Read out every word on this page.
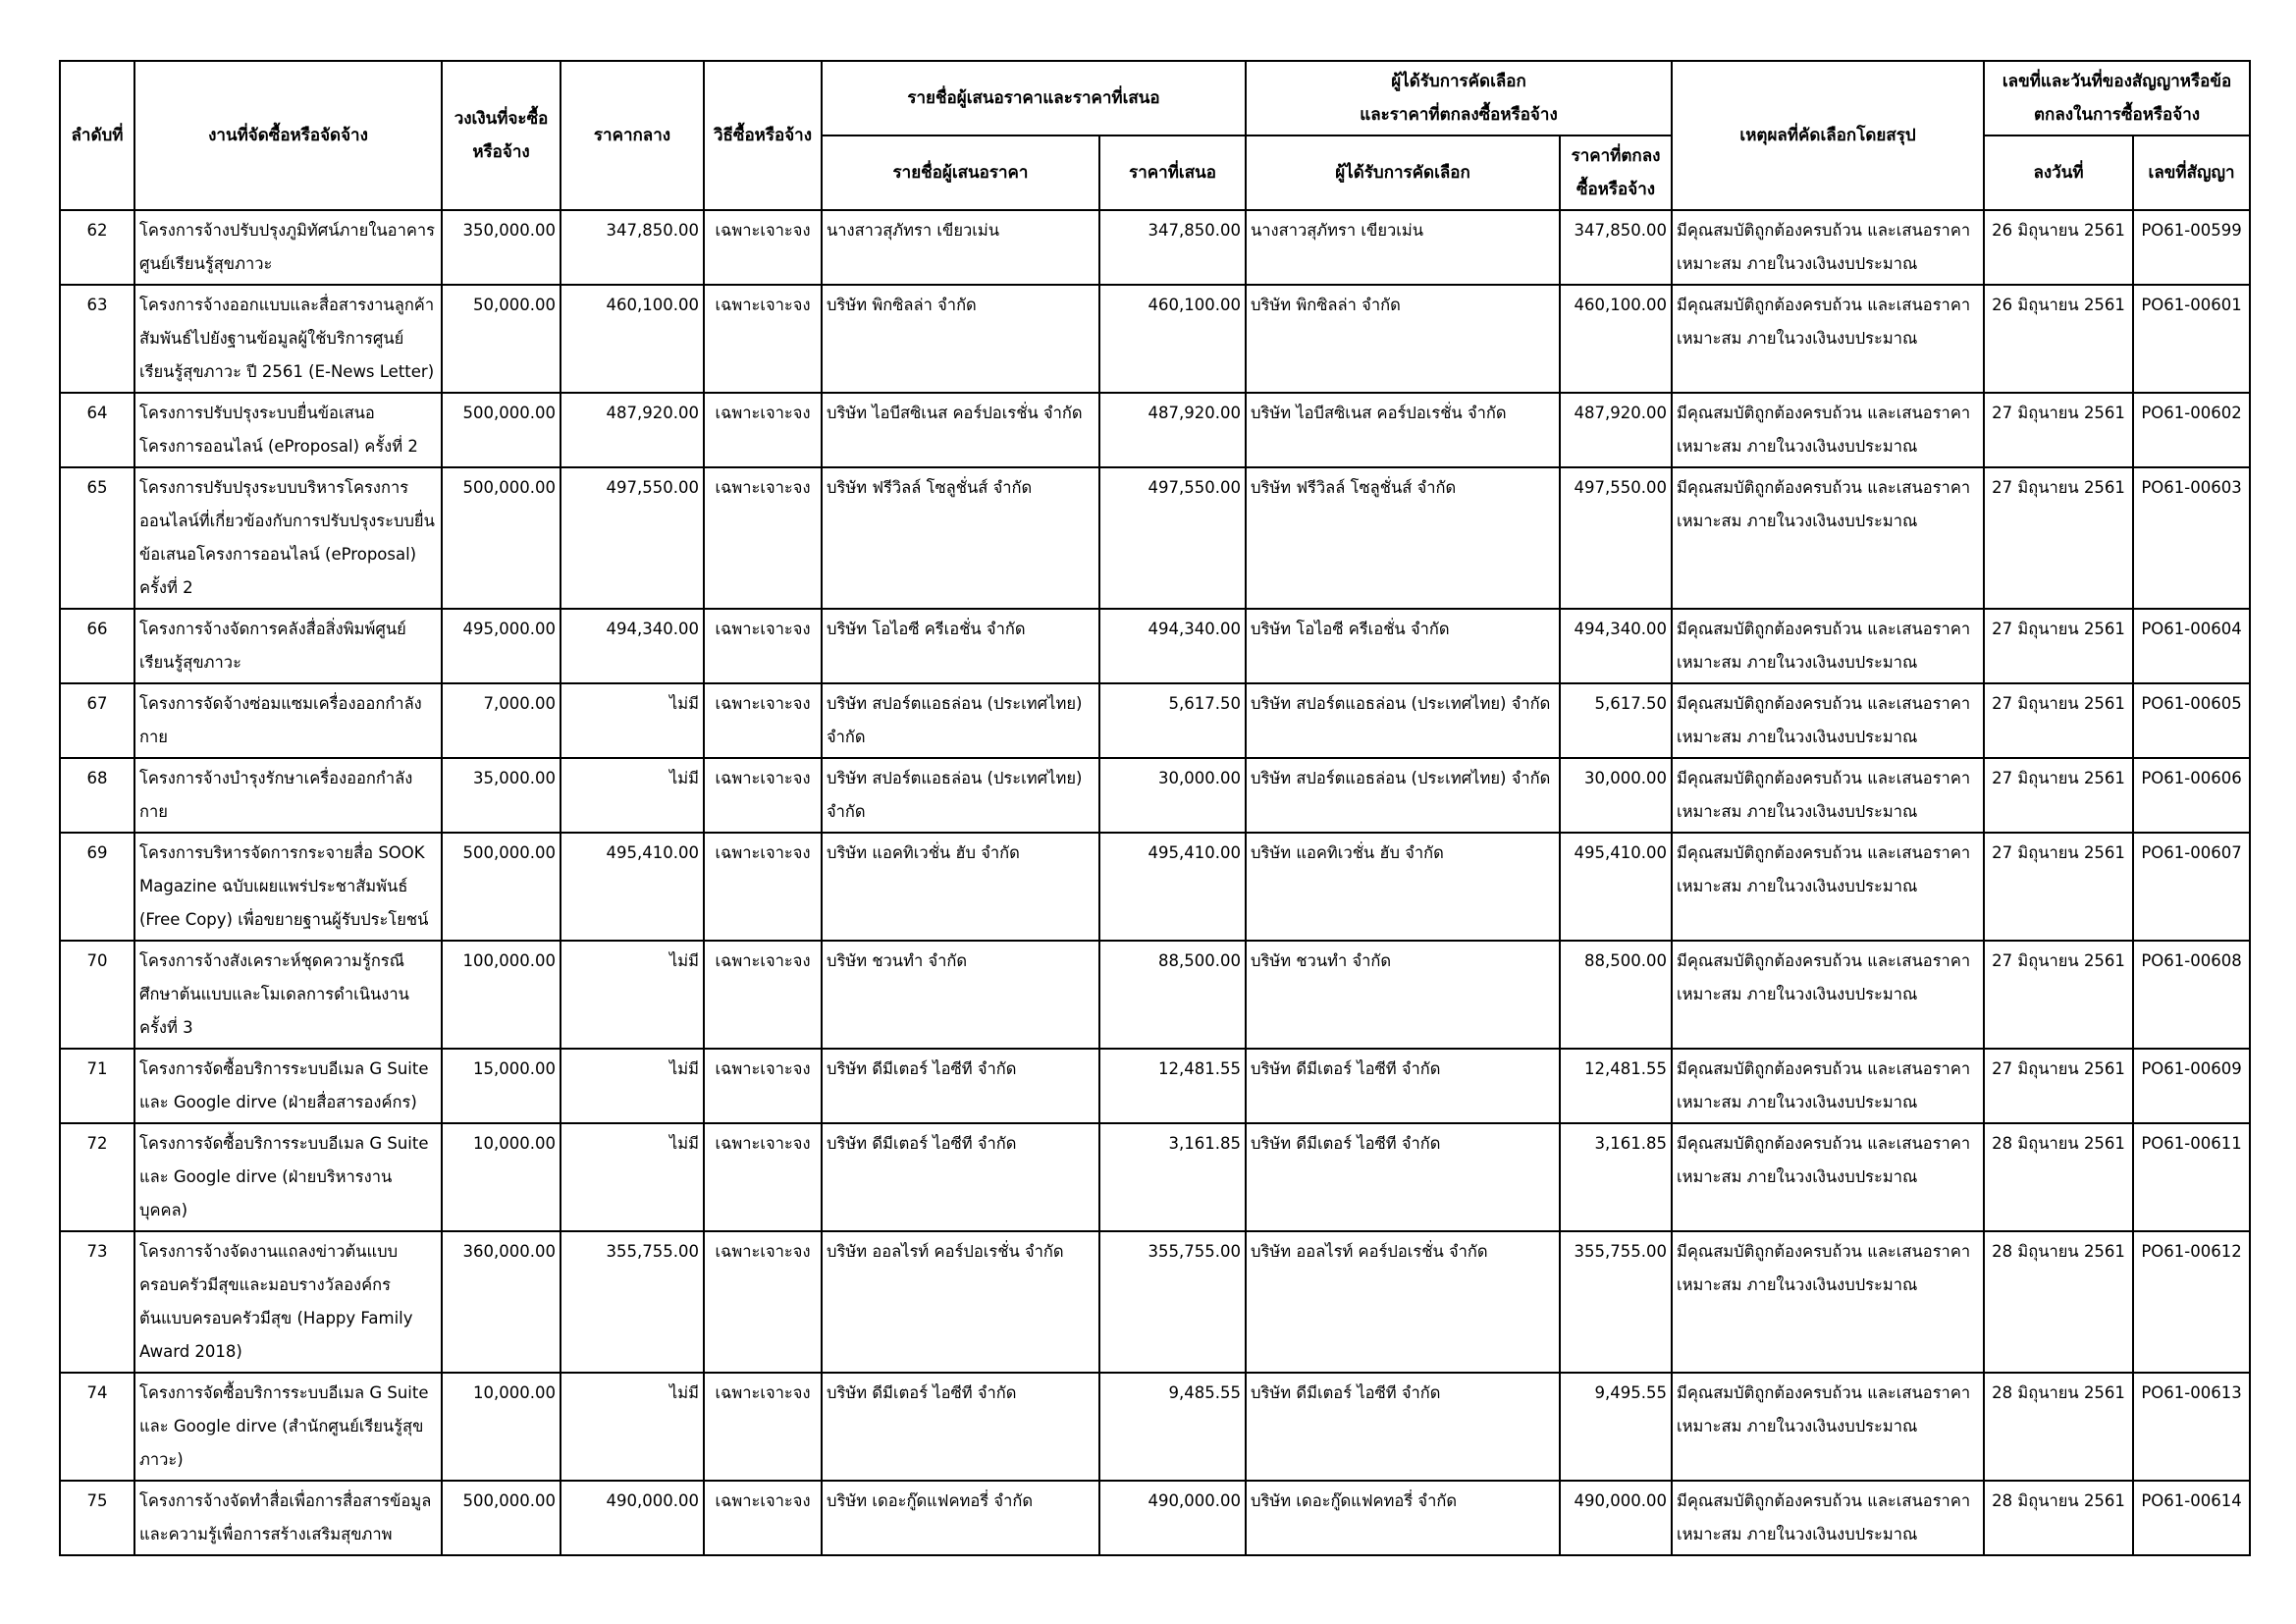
ลำดับที่	งานที่จัดซื้อหรือจัดจ้าง	วงเงินที่จะซื้อหรือจ้าง	ราคากลาง	วิธีซื้อหรือจ้าง	รายชื่อผู้เสนอราคาและราคาที่เสนอ		ผู้ได้รับการคัดเลือก
และราคาที่ตกลงซื้อหรือจ้าง		เหตุผลที่คัดเลือกโดยสรุป	เลขที่และวันที่ของสัญญาหรือข้อตกลงในการซื้อหรือจ้าง	
					รายชื่อผู้เสนอราคา	ราคาที่เสนอ	ผู้ได้รับการคัดเลือก	ราคาที่ตกลงซื้อหรือจ้าง		ลงวันที่	เลขที่สัญญา
62	โครงการจ้างปรับปรุงภูมิทัศน์ภายในอาคารศูนย์เรียนรู้สุขภาวะ	350,000.00	347,850.00	เฉพาะเจาะจง	นางสาวสุภัทรา เขียวเม่น	347,850.00	นางสาวสุภัทรา เขียวเม่น	347,850.00	มีคุณสมบัติถูกต้องครบถ้วน และเสนอราคาเหมาะสม ภายในวงเงินงบประมาณ	26 มิถุนายน 2561	PO61-00599
63	โครงการจ้างออกแบบและสื่อสารงานลูกค้าสัมพันธ์ไปยังฐานข้อมูลผู้ใช้บริการศูนย์เรียนรู้สุขภาวะ ปี 2561 (E-News Letter)	50,000.00	460,100.00	เฉพาะเจาะจง	บริษัท พิกซิลล่า จำกัด	460,100.00	บริษัท พิกซิลล่า จำกัด	460,100.00	มีคุณสมบัติถูกต้องครบถ้วน และเสนอราคาเหมาะสม ภายในวงเงินงบประมาณ	26 มิถุนายน 2561	PO61-00601
64	โครงการปรับปรุงระบบยื่นข้อเสนอโครงการออนไลน์ (eProposal) ครั้งที่ 2	500,000.00	487,920.00	เฉพาะเจาะจง	บริษัท ไอบีสซิเนส คอร์ปอเรชั่น จำกัด	487,920.00	บริษัท ไอบีสซิเนส คอร์ปอเรชั่น จำกัด	487,920.00	มีคุณสมบัติถูกต้องครบถ้วน และเสนอราคาเหมาะสม ภายในวงเงินงบประมาณ	27 มิถุนายน 2561	PO61-00602
65	โครงการปรับปรุงระบบบริหารโครงการออนไลน์ที่เกี่ยวข้องกับการปรับปรุงระบบยื่นข้อเสนอโครงการออนไลน์ (eProposal) ครั้งที่ 2	500,000.00	497,550.00	เฉพาะเจาะจง	บริษัท ฟรีวิลล์ โซลูชั่นส์ จำกัด	497,550.00	บริษัท ฟรีวิลล์ โซลูชั่นส์ จำกัด	497,550.00	มีคุณสมบัติถูกต้องครบถ้วน และเสนอราคาเหมาะสม ภายในวงเงินงบประมาณ	27 มิถุนายน 2561	PO61-00603
66	โครงการจ้างจัดการคลังสื่อสิ่งพิมพ์ศูนย์เรียนรู้สุขภาวะ	495,000.00	494,340.00	เฉพาะเจาะจง	บริษัท โอไอซี ครีเอชั่น จำกัด	494,340.00	บริษัท โอไอซี ครีเอชั่น จำกัด	494,340.00	มีคุณสมบัติถูกต้องครบถ้วน และเสนอราคาเหมาะสม ภายในวงเงินงบประมาณ	27 มิถุนายน 2561	PO61-00604
67	โครงการจัดจ้างซ่อมแซมเครื่องออกกำลังกาย	7,000.00	ไม่มี	เฉพาะเจาะจง	บริษัท สปอร์ตแอธล่อน (ประเทศไทย) จำกัด	5,617.50	บริษัท สปอร์ตแอธล่อน (ประเทศไทย) จำกัด	5,617.50	มีคุณสมบัติถูกต้องครบถ้วน และเสนอราคาเหมาะสม ภายในวงเงินงบประมาณ	27 มิถุนายน 2561	PO61-00605
68	โครงการจ้างบำรุงรักษาเครื่องออกกำลังกาย	35,000.00	ไม่มี	เฉพาะเจาะจง	บริษัท สปอร์ตแอธล่อน (ประเทศไทย) จำกัด	30,000.00	บริษัท สปอร์ตแอธล่อน (ประเทศไทย) จำกัด	30,000.00	มีคุณสมบัติถูกต้องครบถ้วน และเสนอราคาเหมาะสม ภายในวงเงินงบประมาณ	27 มิถุนายน 2561	PO61-00606
69	โครงการบริหารจัดการกระจายสื่อ SOOK Magazine ฉบับเผยแพร่ประชาสัมพันธ์ (Free Copy) เพื่อขยายฐานผู้รับประโยชน์	500,000.00	495,410.00	เฉพาะเจาะจง	บริษัท แอคทิเวชั่น ฮับ จำกัด	495,410.00	บริษัท แอคทิเวชั่น ฮับ จำกัด	495,410.00	มีคุณสมบัติถูกต้องครบถ้วน และเสนอราคาเหมาะสม ภายในวงเงินงบประมาณ	27 มิถุนายน 2561	PO61-00607
70	โครงการจ้างสังเคราะห์ชุดความรู้กรณีศึกษาต้นแบบและโมเดลการดำเนินงาน ครั้งที่ 3	100,000.00	ไม่มี	เฉพาะเจาะจง	บริษัท ชวนทำ จำกัด	88,500.00	บริษัท ชวนทำ จำกัด	88,500.00	มีคุณสมบัติถูกต้องครบถ้วน และเสนอราคาเหมาะสม ภายในวงเงินงบประมาณ	27 มิถุนายน 2561	PO61-00608
71	โครงการจัดซื้อบริการระบบอีเมล G Suite และ Google dirve (ฝ่ายสื่อสารองค์กร)	15,000.00	ไม่มี	เฉพาะเจาะจง	บริษัท ดีมีเตอร์ ไอซีที จำกัด	12,481.55	บริษัท ดีมีเตอร์ ไอซีที จำกัด	12,481.55	มีคุณสมบัติถูกต้องครบถ้วน และเสนอราคาเหมาะสม ภายในวงเงินงบประมาณ	27 มิถุนายน 2561	PO61-00609
72	โครงการจัดซื้อบริการระบบอีเมล G Suite และ Google dirve (ฝ่ายบริหารงานบุคคล)	10,000.00	ไม่มี	เฉพาะเจาะจง	บริษัท ดีมีเตอร์ ไอซีที จำกัด	3,161.85	บริษัท ดีมีเตอร์ ไอซีที จำกัด	3,161.85	มีคุณสมบัติถูกต้องครบถ้วน และเสนอราคาเหมาะสม ภายในวงเงินงบประมาณ	28 มิถุนายน 2561	PO61-00611
73	โครงการจ้างจัดงานแถลงข่าวต้นแบบครอบครัวมีสุขและมอบรางวัลองค์กรต้นแบบครอบครัวมีสุข (Happy Family Award 2018)	360,000.00	355,755.00	เฉพาะเจาะจง	บริษัท ออลไรท์ คอร์ปอเรชั่น จำกัด	355,755.00	บริษัท ออลไรท์ คอร์ปอเรชั่น จำกัด	355,755.00	มีคุณสมบัติถูกต้องครบถ้วน และเสนอราคาเหมาะสม ภายในวงเงินงบประมาณ	28 มิถุนายน 2561	PO61-00612
74	โครงการจัดซื้อบริการระบบอีเมล G Suite และ Google dirve (สำนักศูนย์เรียนรู้สุขภาวะ)	10,000.00	ไม่มี	เฉพาะเจาะจง	บริษัท ดีมีเตอร์ ไอซีที จำกัด	9,485.55	บริษัท ดีมีเตอร์ ไอซีที จำกัด	9,495.55	มีคุณสมบัติถูกต้องครบถ้วน และเสนอราคาเหมาะสม ภายในวงเงินงบประมาณ	28 มิถุนายน 2561	PO61-00613
75	โครงการจ้างจัดทำสื่อเพื่อการสื่อสารข้อมูลและความรู้เพื่อการสร้างเสริมสุขภาพ	500,000.00	490,000.00	เฉพาะเจาะจง	บริษัท เดอะกู๊ดแฟคทอรี่ จำกัด	490,000.00	บริษัท เดอะกู๊ดแฟคทอรี่ จำกัด	490,000.00	มีคุณสมบัติถูกต้องครบถ้วน และเสนอราคาเหมาะสม ภายในวงเงินงบประมาณ	28 มิถุนายน 2561	PO61-00614
